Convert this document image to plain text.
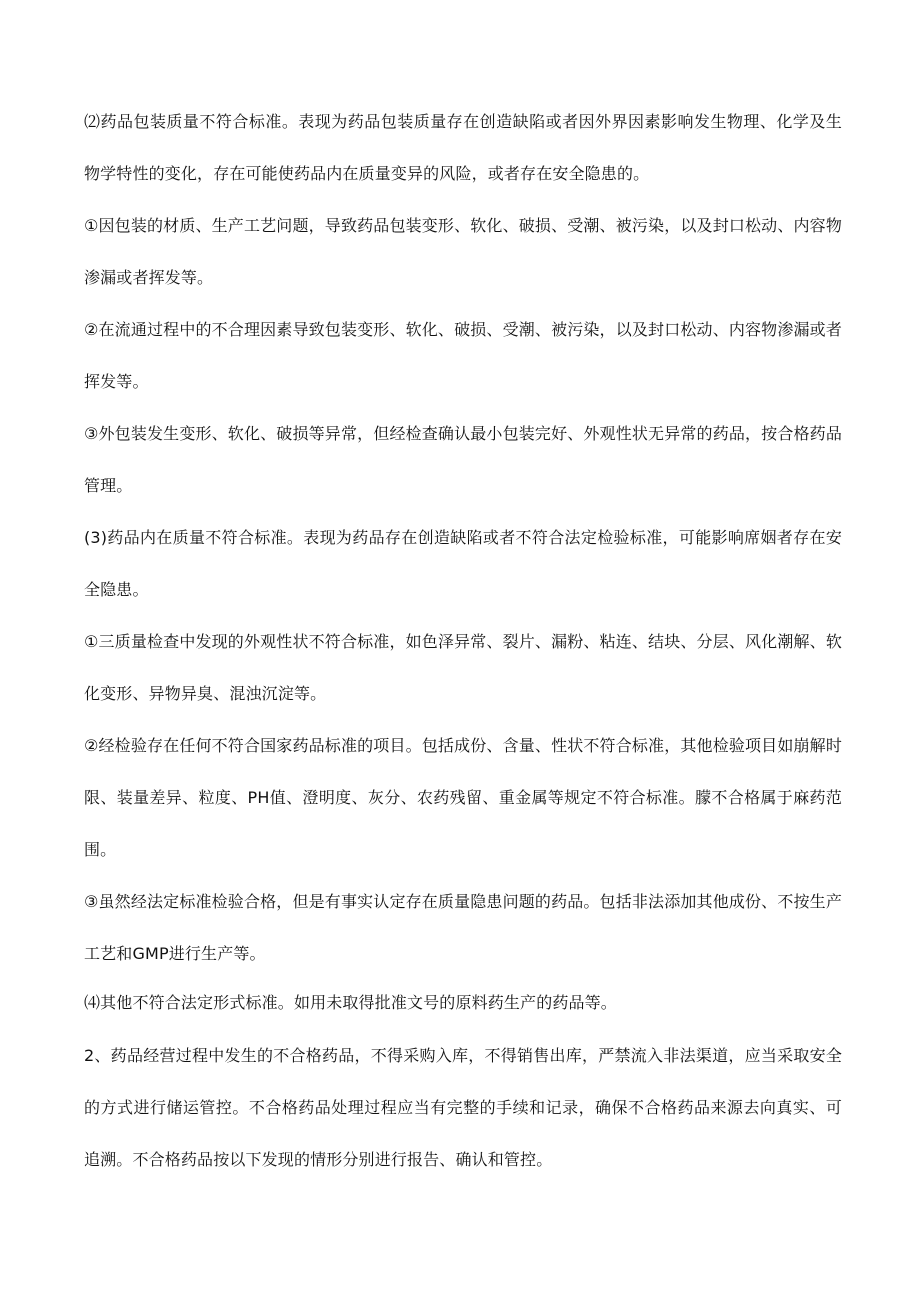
⑵药品包装质量不符合标准。表现为药品包装质量存在创造缺陷或者因外界因素影响发生物理、化学及生物学特性的变化，存在可能使药品内在质量变异的风险，或者存在安全隐患的。

①因包装的材质、生产工艺问题，导致药品包装变形、软化、破损、受潮、被污染，以及封口松动、内容物渗漏或者挥发等。

②在流通过程中的不合理因素导致包装变形、软化、破损、受潮、被污染，以及封口松动、内容物渗漏或者挥发等。

③外包装发生变形、软化、破损等异常，但经检查确认最小包装完好、外观性状无异常的药品，按合格药品管理。

(3)药品内在质量不符合标准。表现为药品存在创造缺陷或者不符合法定检验标准，可能影响席姻者存在安全隐患。

①三质量检查中发现的外观性状不符合标准，如色泽异常、裂片、漏粉、粘连、结块、分层、风化潮解、软化变形、异物异臭、混浊沉淀等。

②经检验存在任何不符合国家药品标准的项目。包括成份、含量、性状不符合标准，其他检验项目如崩解时限、装量差异、粒度、PH值、澄明度、灰分、农药残留、重金属等规定不符合标准。朦不合格属于麻药范围。

③虽然经法定标准检验合格，但是有事实认定存在质量隐患问题的药品。包括非法添加其他成份、不按生产工艺和GMP进行生产等。

⑷其他不符合法定形式标准。如用未取得批准文号的原料药生产的药品等。

2、药品经营过程中发生的不合格药品，不得采购入库，不得销售出库，严禁流入非法渠道，应当采取安全的方式进行储运管控。不合格药品处理过程应当有完整的手续和记录，确保不合格药品来源去向真实、可追溯。不合格药品按以下发现的情形分别进行报告、确认和管控。
